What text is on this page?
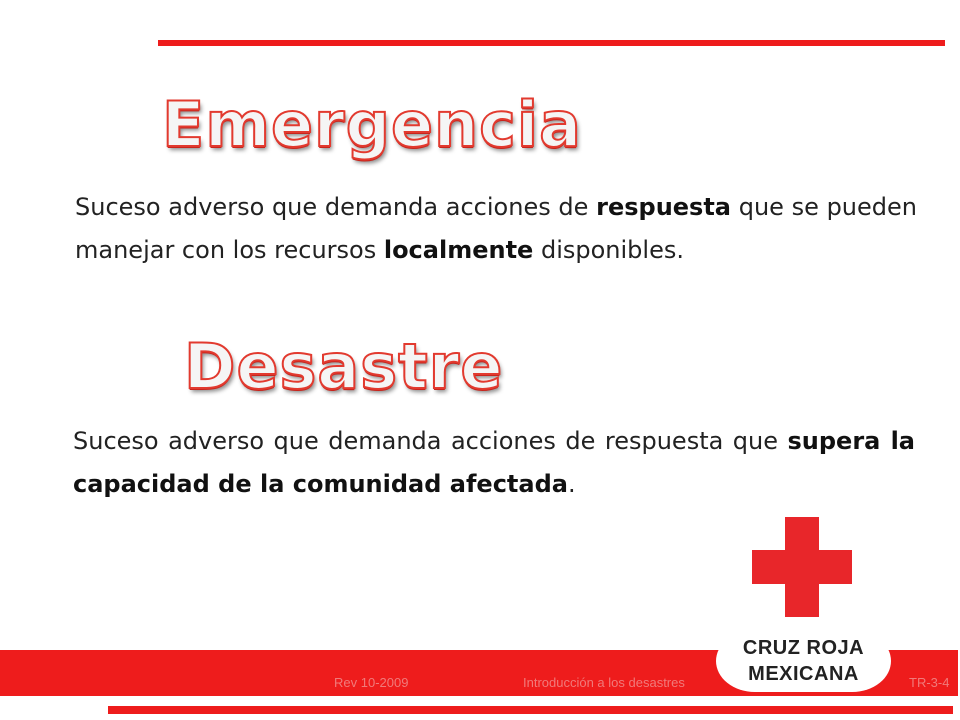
Emergencia
Suceso adverso que demanda acciones de respuesta que se pueden manejar con los recursos localmente disponibles.
Desastre
Suceso adverso que demanda acciones de respuesta que supera la capacidad de la comunidad afectada.
CRUZ ROJA
MEXICANA
Rev 10-2009	Introducción a los desastres	TR-3-4
